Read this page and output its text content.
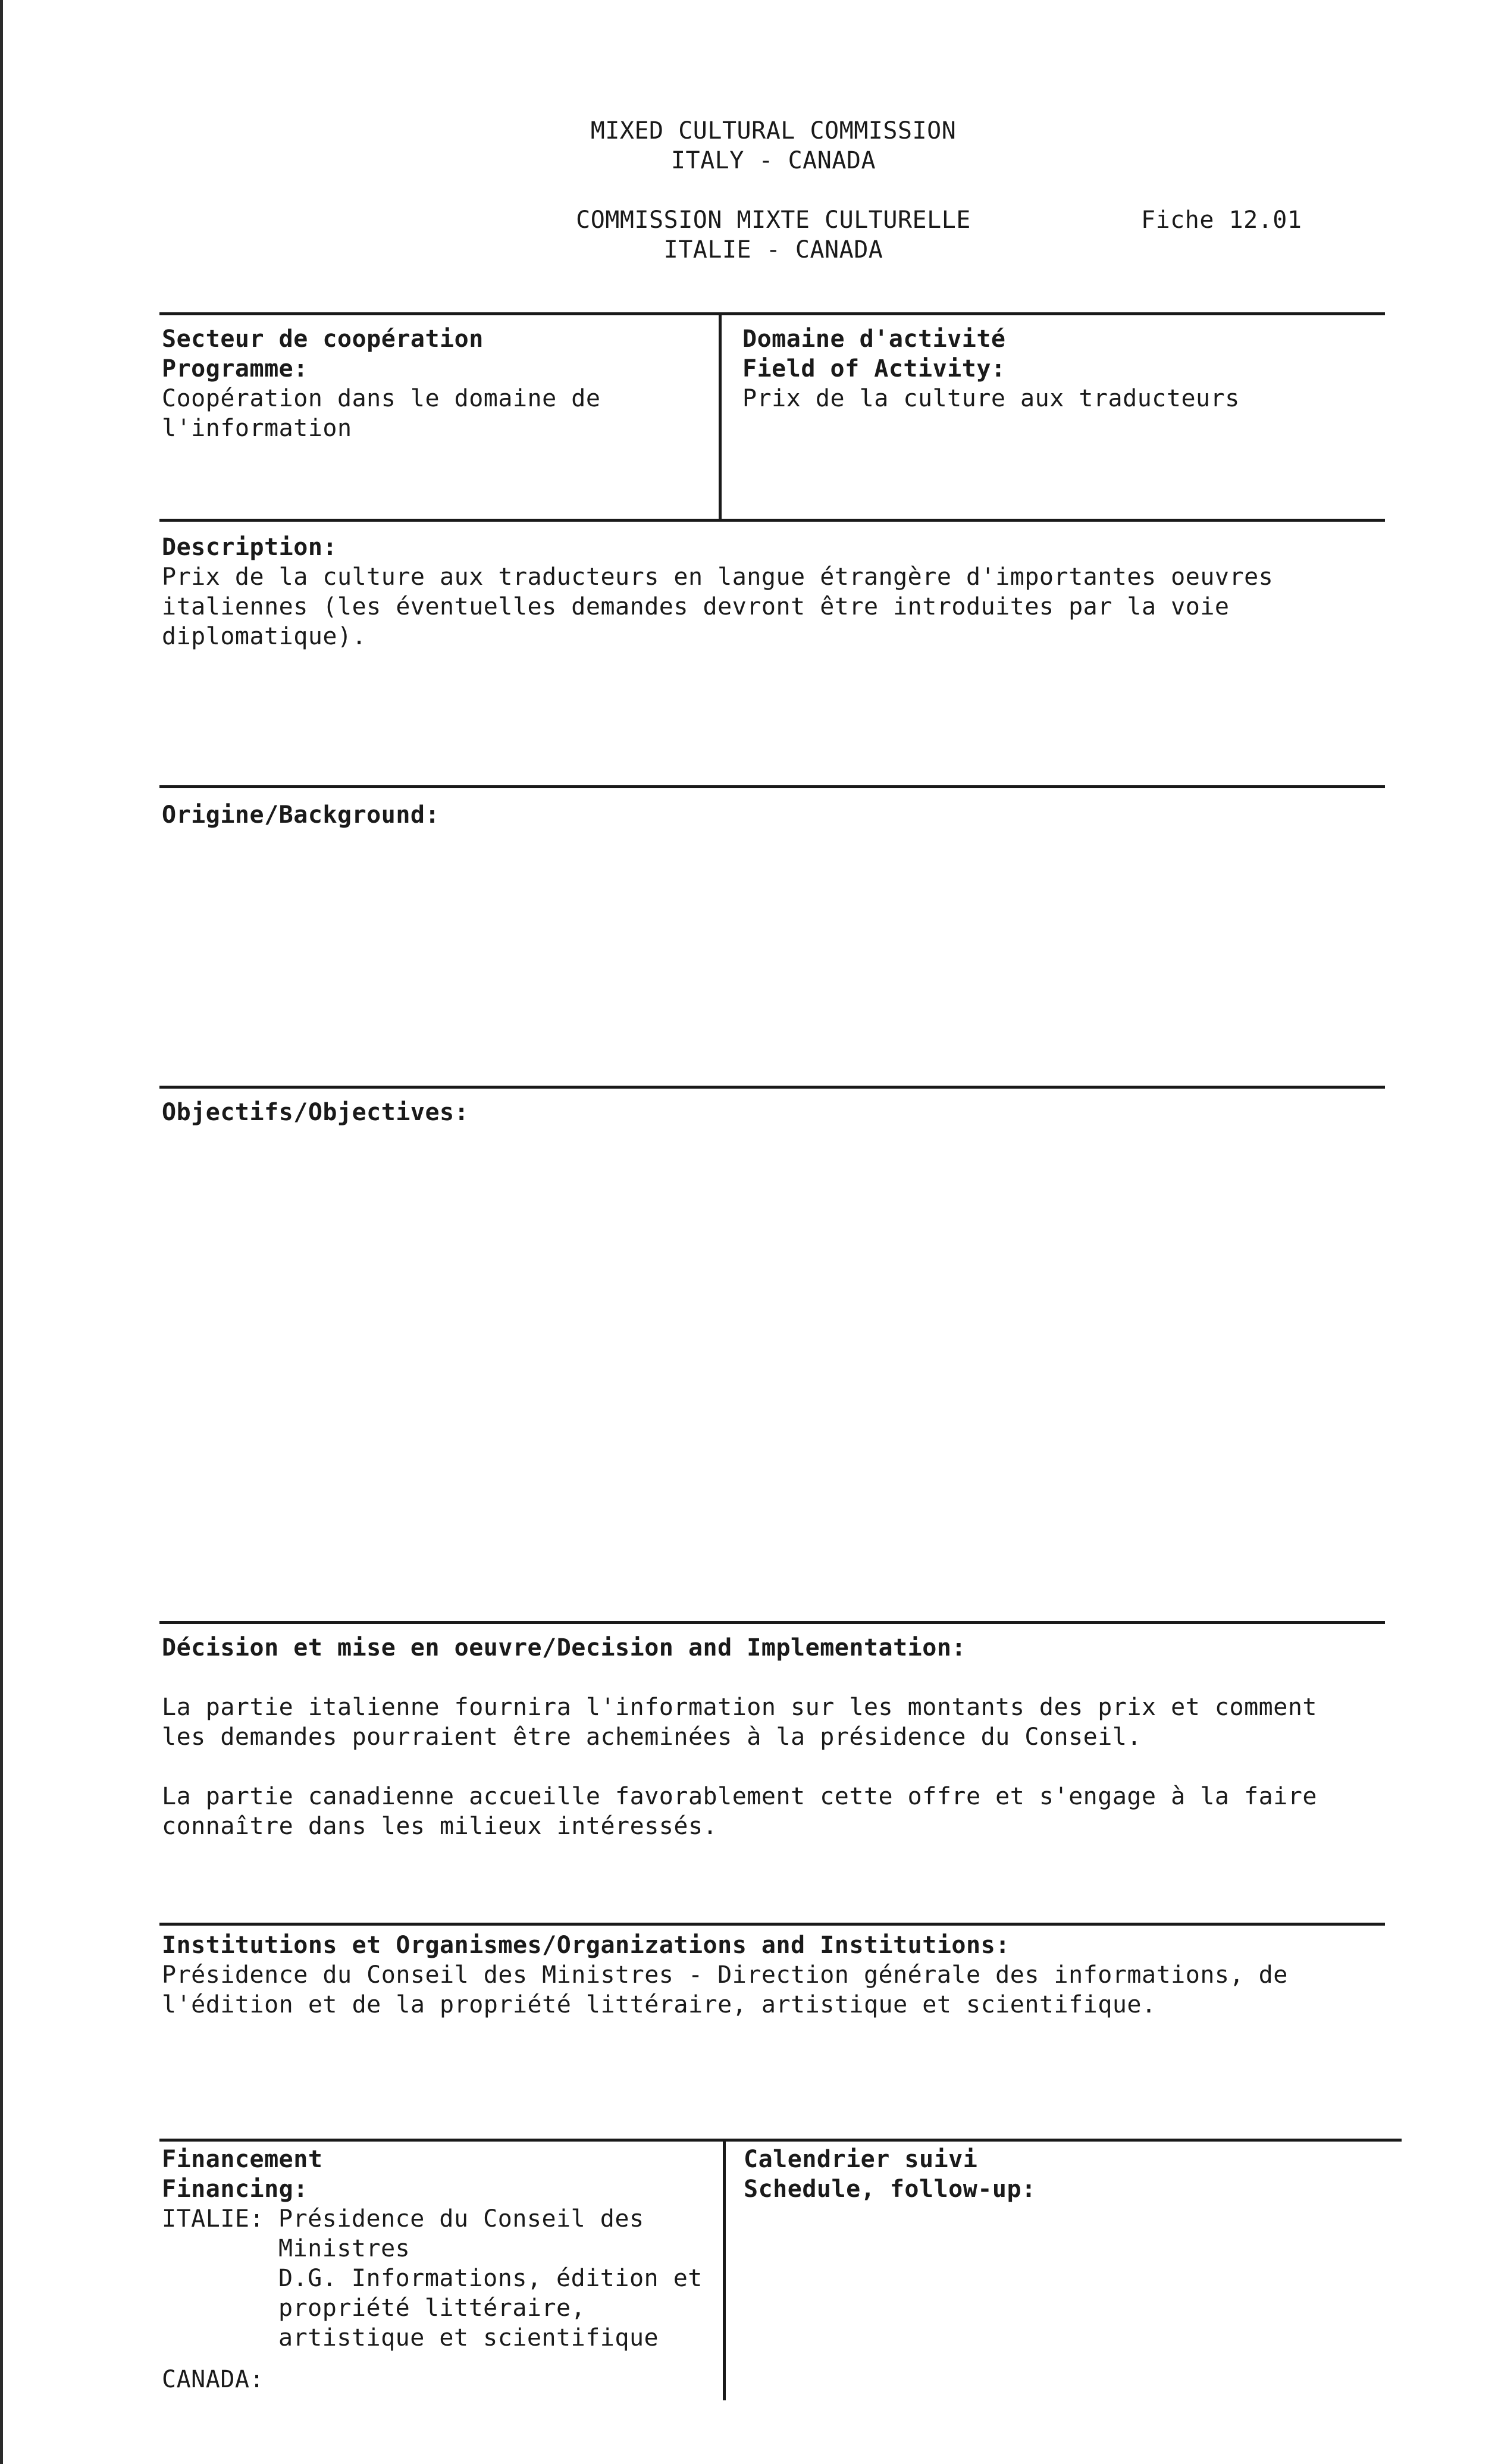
MIXED CULTURAL COMMISSION
ITALY - CANADA
COMMISSION MIXTE CULTURELLE
ITALIE - CANADA
Fiche 12.01
Secteur de coopération
Programme:
Coopération dans le domaine de
l'information
Domaine d'activité
Field of Activity:
Prix de la culture aux traducteurs
Description:
Prix de la culture aux traducteurs en langue étrangère d'importantes oeuvres
italiennes (les éventuelles demandes devront être introduites par la voie
diplomatique).
Origine/Background:
Objectifs/Objectives:
Décision et mise en oeuvre/Decision and Implementation:
La partie italienne fournira l'information sur les montants des prix et comment
les demandes pourraient être acheminées à la présidence du Conseil.
La partie canadienne accueille favorablement cette offre et s'engage à la faire
connaître dans les milieux intéressés.
Institutions et Organismes/Organizations and Institutions:
Présidence du Conseil des Ministres - Direction générale des informations, de
l'édition et de la propriété littéraire, artistique et scientifique.
Financement
Financing:
ITALIE: Présidence du Conseil des
Ministres
D.G. Informations, édition et
propriété littéraire,
artistique et scientifique
CANADA:
Calendrier suivi
Schedule, follow-up:
